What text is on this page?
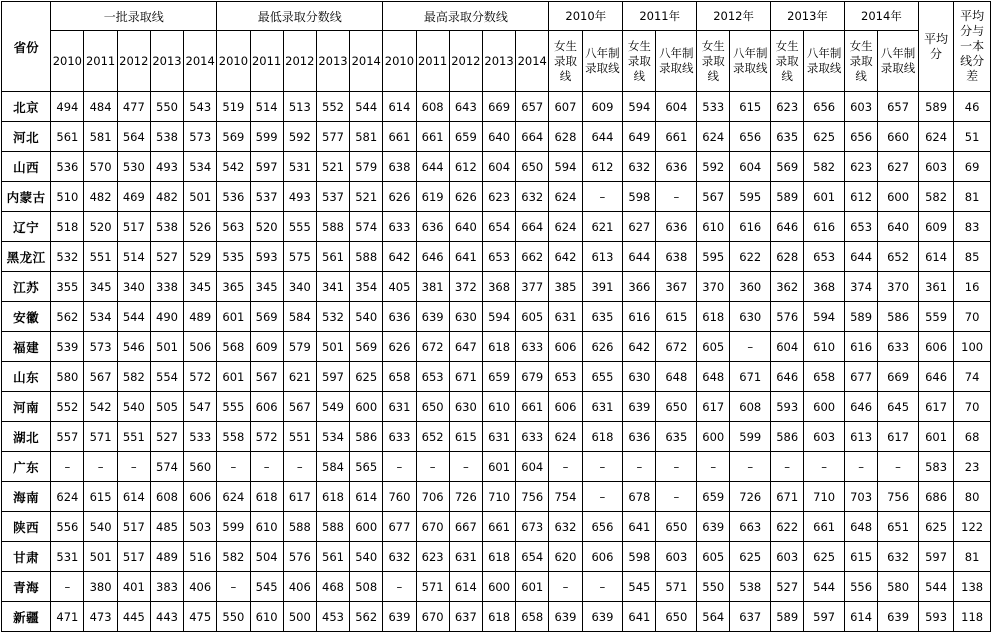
省份	一批录取线					最低录取分数线					最高录取分数线					2010年		2011年		2012年		2013年		2014年		平均分	平均分与一本线分差
	2010	2011	2012	2013	2014	2010	2011	2012	2013	2014	2010	2011	2012	2013	2014	女生录取线	八年制录取线	女生录取线	八年制录取线	女生录取线	八年制录取线	女生录取线	八年制录取线	女生录取线	八年制录取线		
北京	494	484	477	550	543	519	514	513	552	544	614	608	643	669	657	607	609	594	604	533	615	623	656	603	657	589	46
河北	561	581	564	538	573	569	599	592	577	581	661	661	659	640	664	628	644	649	661	624	656	635	625	656	660	624	51
山西	536	570	530	493	534	542	597	531	521	579	638	644	612	604	650	594	612	632	636	592	604	569	582	623	627	603	69
内蒙古	510	482	469	482	501	536	537	493	537	521	626	619	626	623	632	624	–	598	–	567	595	589	601	612	600	582	81
辽宁	518	520	517	538	526	563	520	555	588	574	633	636	640	654	664	624	621	627	636	610	616	646	616	653	640	609	83
黑龙江	532	551	514	527	529	535	593	575	561	588	642	646	641	653	662	642	613	644	638	595	622	628	653	644	652	614	85
江苏	355	345	340	338	345	365	345	340	341	354	405	381	372	368	377	385	391	366	367	370	360	362	368	374	370	361	16
安徽	562	534	544	490	489	601	569	584	532	540	636	639	630	594	605	631	635	616	615	618	630	576	594	589	586	559	70
福建	539	573	546	501	506	568	609	579	501	569	626	672	647	618	633	606	626	642	672	605	–	604	610	616	633	606	100
山东	580	567	582	554	572	601	567	621	597	625	658	653	671	659	679	653	655	630	648	648	671	646	658	677	669	646	74
河南	552	542	540	505	547	555	606	567	549	600	631	650	630	610	661	606	631	639	650	617	608	593	600	646	645	617	70
湖北	557	571	551	527	533	558	572	551	534	586	633	652	615	631	633	624	618	636	635	600	599	586	603	613	617	601	68
广东	–	–	–	574	560	–	–	–	584	565	–	–	–	601	604	–	–	–	–	–	–	–	–	–	–	583	23
海南	624	615	614	608	606	624	618	617	618	614	760	706	726	710	756	754	–	678	–	659	726	671	710	703	756	686	80
陕西	556	540	517	485	503	599	610	588	588	600	677	670	667	661	673	632	656	641	650	639	663	622	661	648	651	625	122
甘肃	531	501	517	489	516	582	504	576	561	540	632	623	631	618	654	620	606	598	603	605	625	603	625	615	632	597	81
青海	–	380	401	383	406	–	545	406	468	508	–	571	614	600	601	–	–	545	571	550	538	527	544	556	580	544	138
新疆	471	473	445	443	475	550	610	500	453	562	639	670	637	618	658	639	639	641	650	564	637	589	597	614	639	593	118
